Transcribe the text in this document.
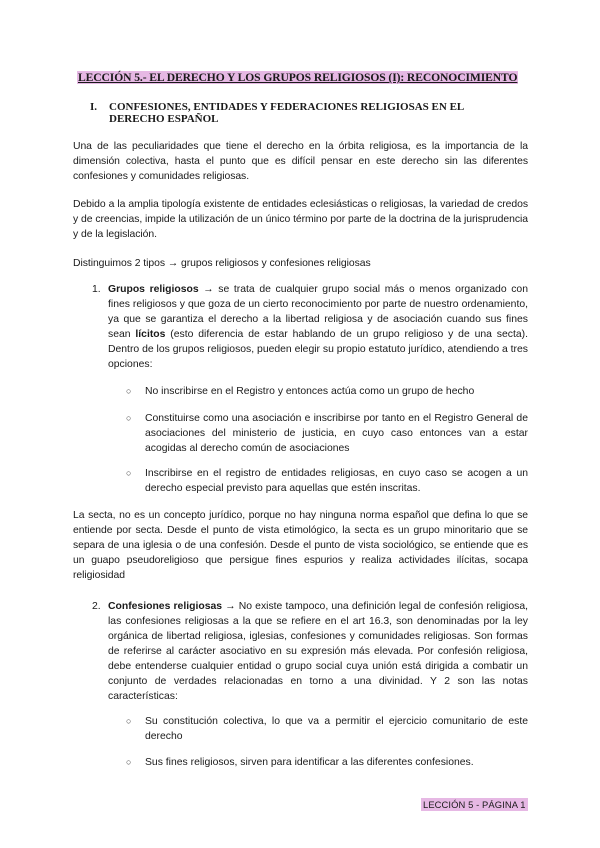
LECCIÓN 5.- EL DERECHO Y LOS GRUPOS RELIGIOSOS (I): RECONOCIMIENTO
I. CONFESIONES, ENTIDADES Y FEDERACIONES RELIGIOSAS EN EL DERECHO ESPAÑOL
Una de las peculiaridades que tiene el derecho en la órbita religiosa, es la importancia de la dimensión colectiva, hasta el punto que es difícil pensar en este derecho sin las diferentes confesiones y comunidades religiosas.
Debido a la amplia tipología existente de entidades eclesiásticas o religiosas, la variedad de credos y de creencias, impide la utilización de un único término por parte de la doctrina de la jurisprudencia y de la legislación.
Distinguimos 2 tipos → grupos religiosos y confesiones religiosas
1. Grupos religiosos → se trata de cualquier grupo social más o menos organizado con fines religiosos y que goza de un cierto reconocimiento por parte de nuestro ordenamiento, ya que se garantiza el derecho a la libertad religiosa y de asociación cuando sus fines sean lícitos (esto diferencia de estar hablando de un grupo religioso y de una secta). Dentro de los grupos religiosos, pueden elegir su propio estatuto jurídico, atendiendo a tres opciones:
○ No inscribirse en el Registro y entonces actúa como un grupo de hecho
○ Constituirse como una asociación e inscribirse por tanto en el Registro General de asociaciones del ministerio de justicia, en cuyo caso entonces van a estar acogidas al derecho común de asociaciones
○ Inscribirse en el registro de entidades religiosas, en cuyo caso se acogen a un derecho especial previsto para aquellas que estén inscritas.
La secta, no es un concepto jurídico, porque no hay ninguna norma español que defina lo que se entiende por secta. Desde el punto de vista etimológico, la secta es un grupo minoritario que se separa de una iglesia o de una confesión. Desde el punto de vista sociológico, se entiende que es un guapo pseudoreligioso que persigue fines espurios y realiza actividades ilícitas, socapa religiosidad
2. Confesiones religiosas → No existe tampoco, una definición legal de confesión religiosa, las confesiones religiosas a la que se refiere en el art 16.3, son denominadas por la ley orgánica de libertad religiosa, iglesias, confesiones y comunidades religiosas. Son formas de referirse al carácter asociativo en su expresión más elevada. Por confesión religiosa, debe entenderse cualquier entidad o grupo social cuya unión está dirigida a combatir un conjunto de verdades relacionadas en torno a una divinidad. Y 2 son las notas características:
○ Su constitución colectiva, lo que va a permitir el ejercicio comunitario de este derecho
○ Sus fines religiosos, sirven para identificar a las diferentes confesiones.
LECCIÓN 5 - PÁGINA 1
